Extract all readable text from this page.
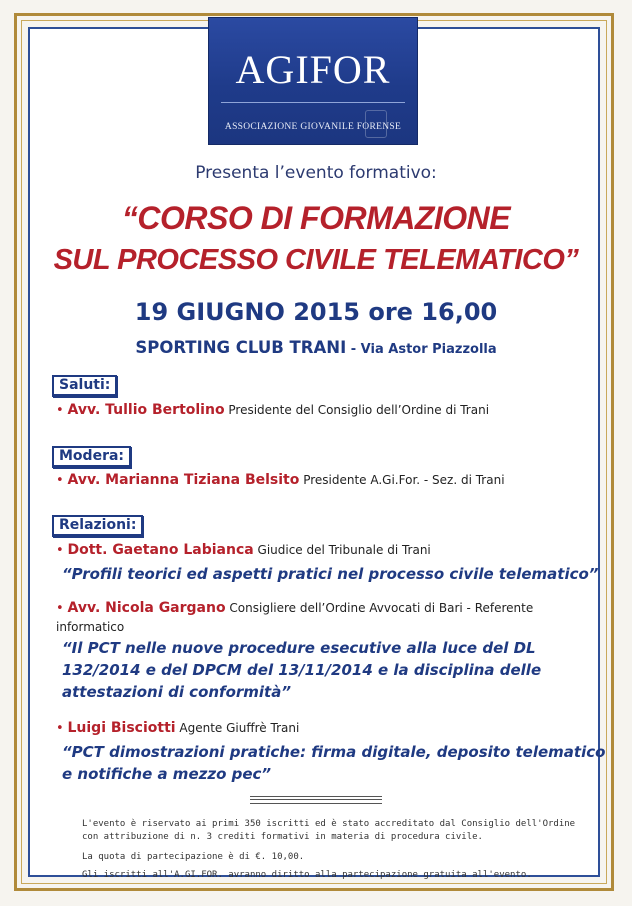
AGIFOR
ASSOCIAZIONE GIOVANILE FORENSE
Presenta l’evento formativo:
“CORSO DI FORMAZIONE
SUL PROCESSO CIVILE TELEMATICO”
19 GIUGNO 2015 ore 16,00
SPORTING CLUB TRANI - Via Astor Piazzolla
Saluti:
• Avv. Tullio Bertolino Presidente del Consiglio dell’Ordine di Trani
Modera:
• Avv. Marianna Tiziana Belsito Presidente A.Gi.For. - Sez. di Trani
Relazioni:
• Dott. Gaetano Labianca Giudice del Tribunale di Trani
“Profili teorici ed aspetti pratici nel processo civile telematico”
• Avv. Nicola Gargano Consigliere dell’Ordine Avvocati di Bari - Referente
informatico
“Il PCT nelle nuove procedure esecutive alla luce del DL
132/2014 e del DPCM del 13/11/2014 e la disciplina delle
attestazioni di conformità”
• Luigi Bisciotti Agente Giuffrè Trani
“PCT dimostrazioni pratiche: firma digitale, deposito telematico
e notifiche a mezzo pec”
L'evento è riservato ai primi 350 iscritti ed è stato accreditato dal Consiglio dell'Ordine
con attribuzione di n. 3 crediti formativi in materia di procedura civile.
La quota di partecipazione è di €. 10,00.
Gli iscritti all'A.GI.FOR. avranno diritto alla partecipazione gratuita all'evento.
